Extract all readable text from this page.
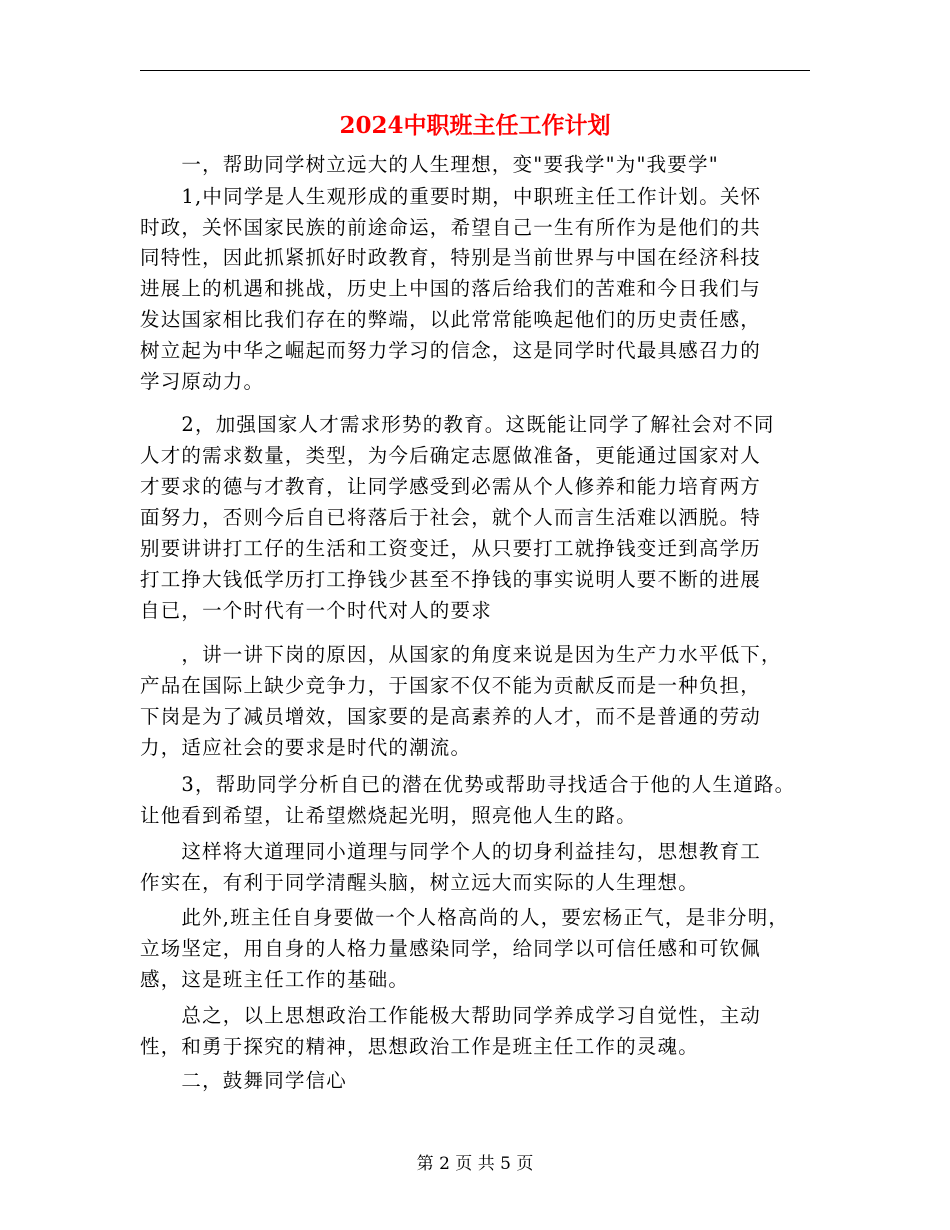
2024中职班主任工作计划

　　一，帮助同学树立远大的人生理想，变"要我学"为"我要学"

　　1,中同学是人生观形成的重要时期，中职班主任工作计划。关怀

时政，关怀国家民族的前途命运，希望自己一生有所作为是他们的共

同特性，因此抓紧抓好时政教育，特别是当前世界与中国在经济科技

进展上的机遇和挑战，历史上中国的落后给我们的苦难和今日我们与

发达国家相比我们存在的弊端，以此常常能唤起他们的历史责任感，

树立起为中华之崛起而努力学习的信念，这是同学时代最具感召力的

学习原动力。

　　2，加强国家人才需求形势的教育。这既能让同学了解社会对不同

人才的需求数量，类型，为今后确定志愿做准备，更能通过国家对人

才要求的德与才教育，让同学感受到必需从个人修养和能力培育两方

面努力，否则今后自已将落后于社会，就个人而言生活难以洒脱。特

别要讲讲打工仔的生活和工资变迁，从只要打工就挣钱变迁到高学历

打工挣大钱低学历打工挣钱少甚至不挣钱的事实说明人要不断的进展

自已，一个时代有一个时代对人的要求

　　，讲一讲下岗的原因，从国家的角度来说是因为生产力水平低下，

产品在国际上缺少竞争力，于国家不仅不能为贡献反而是一种负担，

下岗是为了减员增效，国家要的是高素养的人才，而不是普通的劳动

力，适应社会的要求是时代的潮流。

　　3，帮助同学分析自已的潜在优势或帮助寻找适合于他的人生道路。

让他看到希望，让希望燃烧起光明，照亮他人生的路。

　　这样将大道理同小道理与同学个人的切身利益挂勾，思想教育工

作实在，有利于同学清醒头脑，树立远大而实际的人生理想。

　　此外,班主任自身要做一个人格高尚的人，要宏杨正气，是非分明，

立场坚定，用自身的人格力量感染同学，给同学以可信任感和可钦佩

感，这是班主任工作的基础。

　　总之，以上思想政治工作能极大帮助同学养成学习自觉性，主动

性，和勇于探究的精神，思想政治工作是班主任工作的灵魂。

　　二，鼓舞同学信心

第 2 页 共 5 页
